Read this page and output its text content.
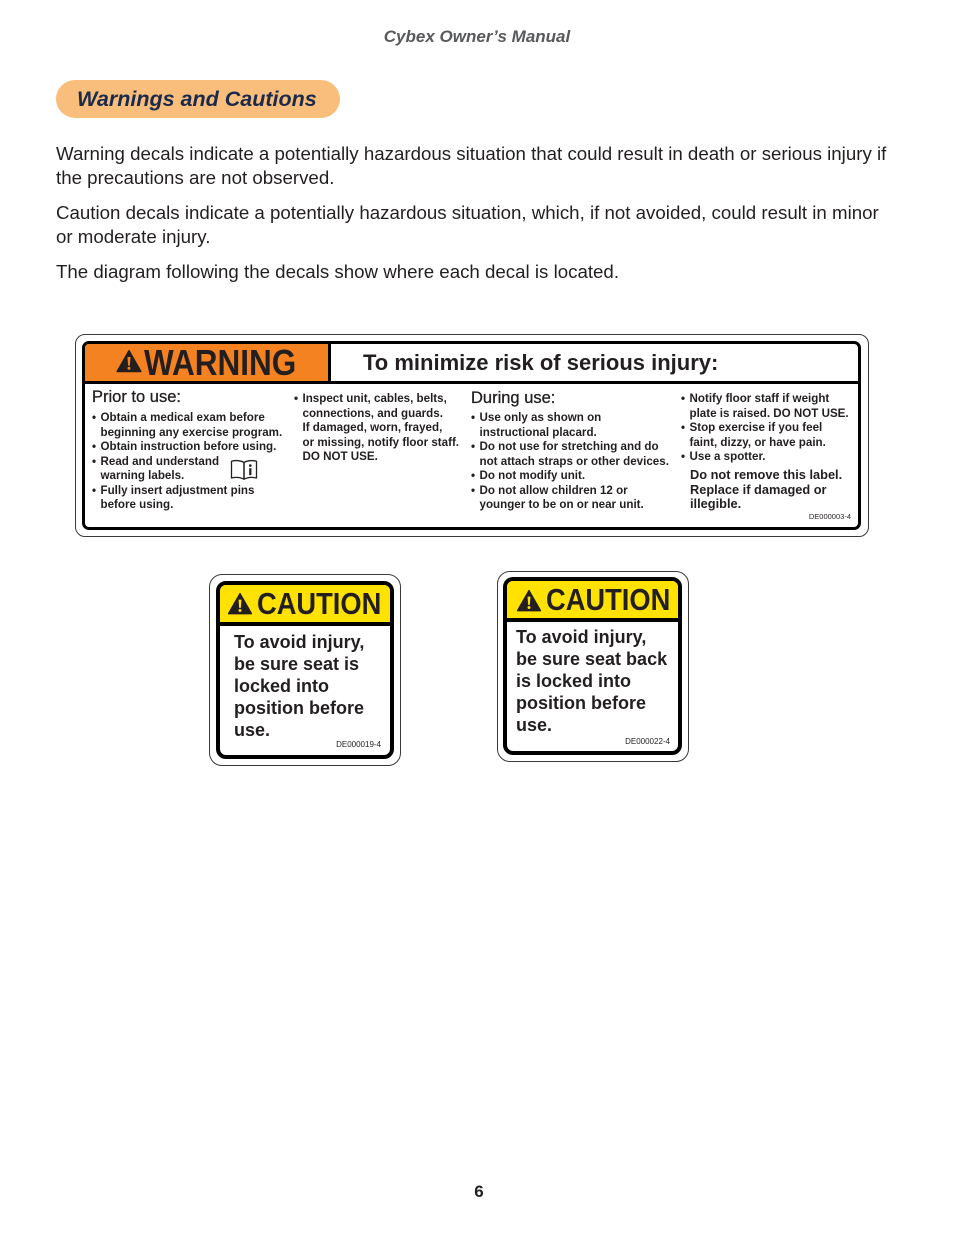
Cybex Owner’s Manual
Warnings and Cautions

Warning decals indicate a potentially hazardous situation that could result in death or serious injury if the precautions are not observed.

Caution decals indicate a potentially hazardous situation, which, if not avoided, could result in minor or moderate injury.

The diagram following the decals show where each decal is located.

WARNING	To minimize risk of serious injury:
Prior to use:
• Obtain a medical exam before
beginning any exercise program.
• Obtain instruction before using.
• Read and understand
warning labels.
• Fully insert adjustment pins
before using.
• Inspect unit, cables, belts,
connections, and guards.
If damaged, worn, frayed,
or missing, notify floor staff.
DO NOT USE.
During use:
• Use only as shown on
instructional placard.
• Do not use for stretching and do
not attach straps or other devices.
• Do not modify unit.
• Do not allow children 12 or
younger to be on or near unit.
• Notify floor staff if weight
plate is raised. DO NOT USE.
• Stop exercise if you feel
faint, dizzy, or have pain.
• Use a spotter.
Do not remove this label.
Replace if damaged or
illegible.
DE000003-4
CAUTION
To avoid injury,
be sure seat is
locked into
position before
use.
DE000019-4
CAUTION
To avoid injury,
be sure seat back
is locked into
position before
use.
DE000022-4
6
